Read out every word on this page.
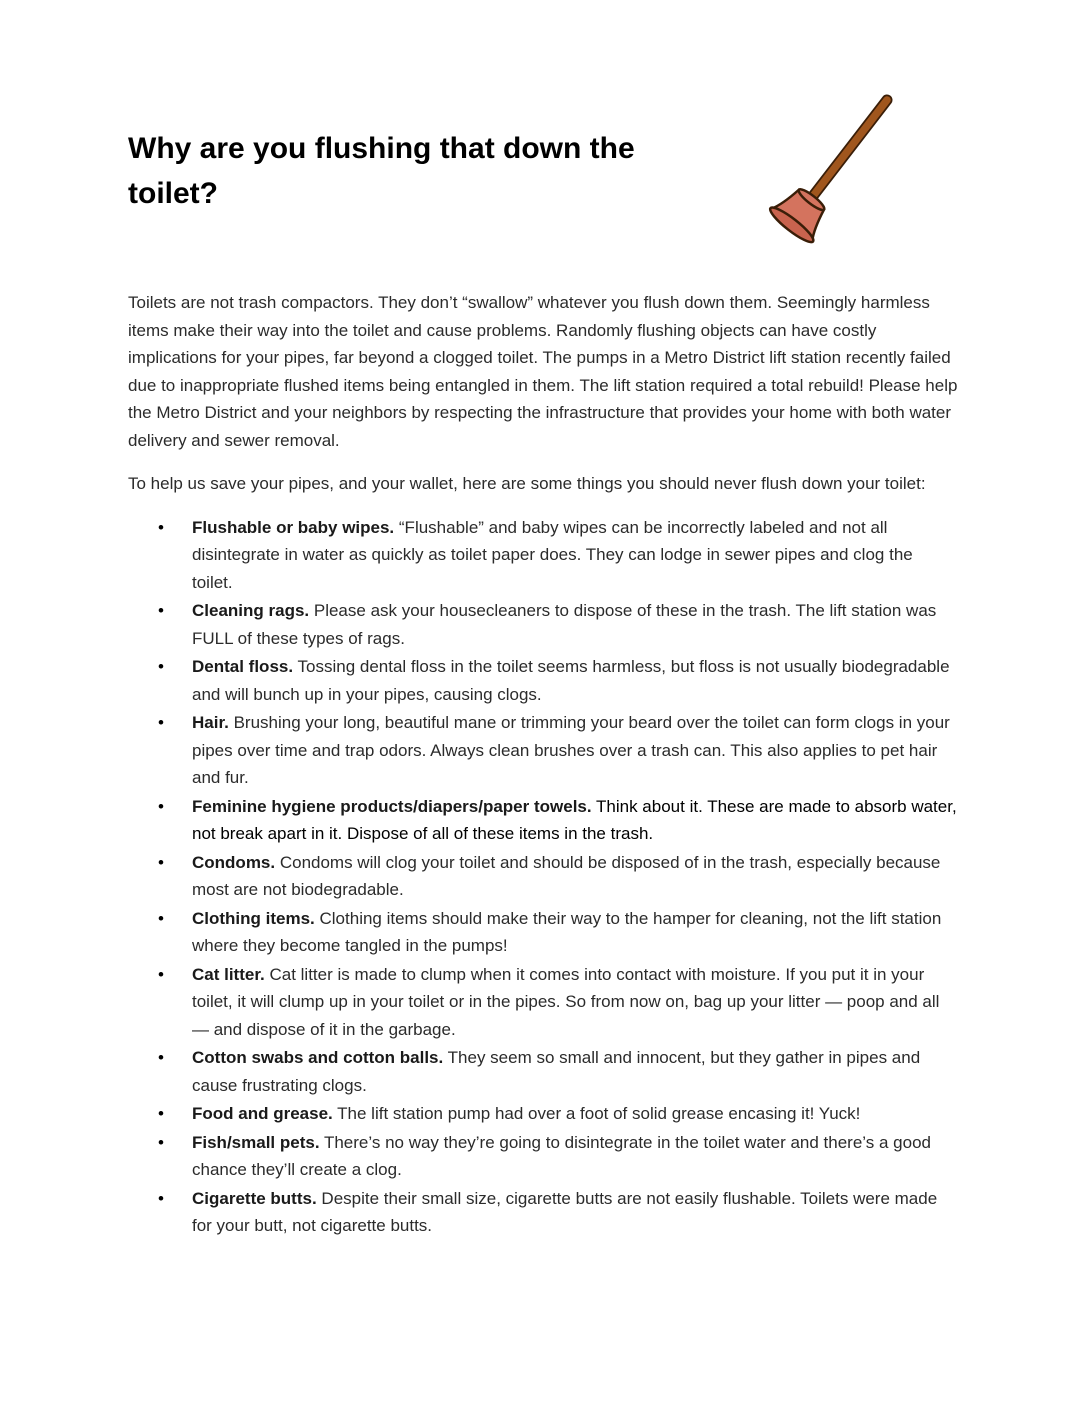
Why are you flushing that down the toilet?

Toilets are not trash compactors. They don’t “swallow” whatever you flush down them. Seemingly harmless items make their way into the toilet and cause problems. Randomly flushing objects can have costly implications for your pipes, far beyond a clogged toilet. The pumps in a Metro District lift station recently failed due to inappropriate flushed items being entangled in them. The lift station required a total rebuild! Please help the Metro District and your neighbors by respecting the infrastructure that provides your home with both water delivery and sewer removal.

To help us save your pipes, and your wallet, here are some things you should never flush down your toilet:

• Flushable or baby wipes. “Flushable” and baby wipes can be incorrectly labeled and not all disintegrate in water as quickly as toilet paper does. They can lodge in sewer pipes and clog the toilet.
• Cleaning rags. Please ask your housecleaners to dispose of these in the trash. The lift station was FULL of these types of rags.
• Dental floss. Tossing dental floss in the toilet seems harmless, but floss is not usually biodegradable and will bunch up in your pipes, causing clogs.
• Hair. Brushing your long, beautiful mane or trimming your beard over the toilet can form clogs in your pipes over time and trap odors. Always clean brushes over a trash can. This also applies to pet hair and fur.
• Feminine hygiene products/diapers/paper towels. Think about it. These are made to absorb water, not break apart in it. Dispose of all of these items in the trash.
• Condoms. Condoms will clog your toilet and should be disposed of in the trash, especially because most are not biodegradable.
• Clothing items. Clothing items should make their way to the hamper for cleaning, not the lift station where they become tangled in the pumps!
• Cat litter. Cat litter is made to clump when it comes into contact with moisture. If you put it in your toilet, it will clump up in your toilet or in the pipes. So from now on, bag up your litter — poop and all — and dispose of it in the garbage.
• Cotton swabs and cotton balls. They seem so small and innocent, but they gather in pipes and cause frustrating clogs.
• Food and grease. The lift station pump had over a foot of solid grease encasing it! Yuck!
• Fish/small pets. There’s no way they’re going to disintegrate in the toilet water and there’s a good chance they’ll create a clog.
• Cigarette butts. Despite their small size, cigarette butts are not easily flushable. Toilets were made for your butt, not cigarette butts.
